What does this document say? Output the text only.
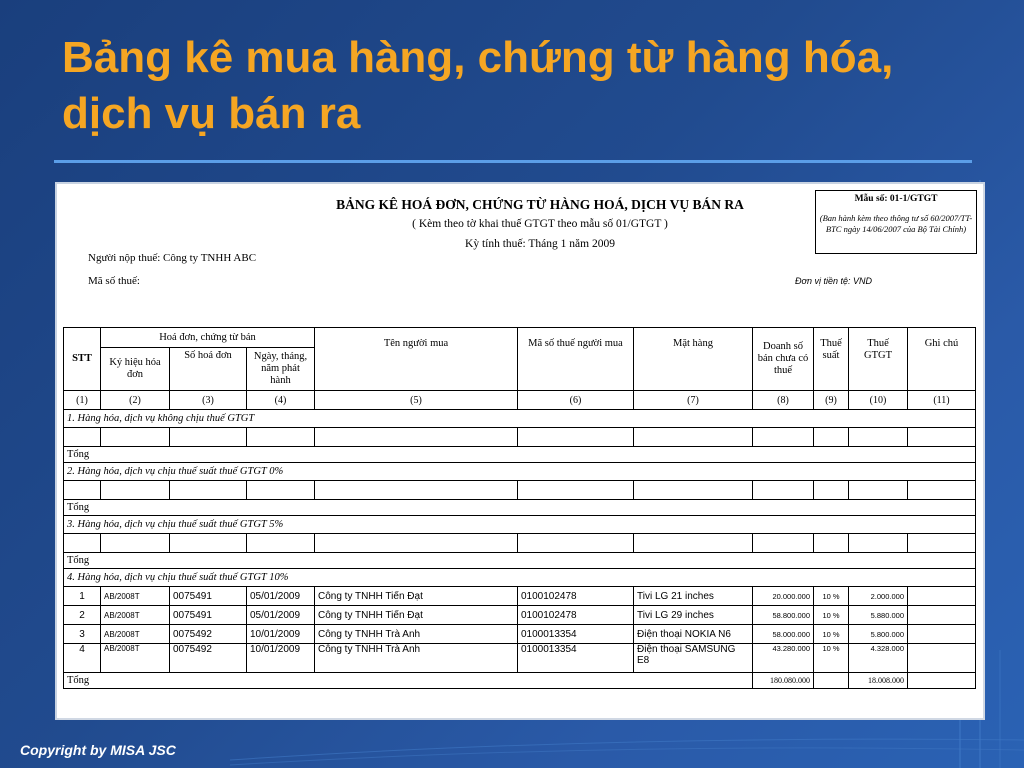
Bảng kê mua hàng, chứng từ hàng hóa, dịch vụ bán ra
BẢNG KÊ HOÁ ĐƠN, CHỨNG TỪ HÀNG HOÁ, DỊCH VỤ BÁN RA
( Kèm theo tờ khai thuế GTGT theo mẫu số 01/GTGT )
Kỳ tính thuế: Tháng 1 năm 2009
Mẫu số: 01-1/GTGT
(Ban hành kèm theo thông tư số 60/2007/TT-BTC ngày 14/06/2007 của Bộ Tài Chính)
Người nộp thuế: Công ty TNHH ABC
Mã số thuế:	Đơn vị tiền tệ: VND
STT	Hoá đơn, chứng từ bán			Tên người mua	Mã số thuế người mua	Mặt hàng	Doanh số bán chưa có thuế	Thuế suất	Thuế GTGT	Ghi chú
	Ký hiệu hóa đơn	Số hoá đơn	Ngày, tháng, năm phát hành							
(1)	(2)	(3)	(4)	(5)	(6)	(7)	(8)	(9)	(10)	(11)
1. Hàng hóa, dịch vụ không chịu thuế GTGT										

Tổng										
2. Hàng hóa, dịch vụ chịu thuế suất thuế GTGT 0%										

Tổng										
3. Hàng hóa, dịch vụ chịu thuế suất thuế GTGT 5%										

Tổng										
4. Hàng hóa, dịch vụ chịu thuế suất thuế GTGT 10%										
1	AB/2008T	0075491	05/01/2009	Công ty TNHH Tiến Đạt	0100102478	Tivi LG 21 inches	20.000.000	10 %	2.000.000	
2	AB/2008T	0075491	05/01/2009	Công ty TNHH Tiến Đạt	0100102478	Tivi LG 29 inches	58.800.000	10 %	5.880.000	
3	AB/2008T	0075492	10/01/2009	Công ty TNHH Trà Anh	0100013354	Điện thoại NOKIA N6	58.000.000	10 %	5.800.000	
4	AB/2008T	0075492	10/01/2009	Công ty TNHH Trà Anh	0100013354	Điện thoại SAMSUNG E8	43.280.000	10 %	4.328.000	
Tổng							180.080.000		18.008.000	
Copyright by MISA JSC
